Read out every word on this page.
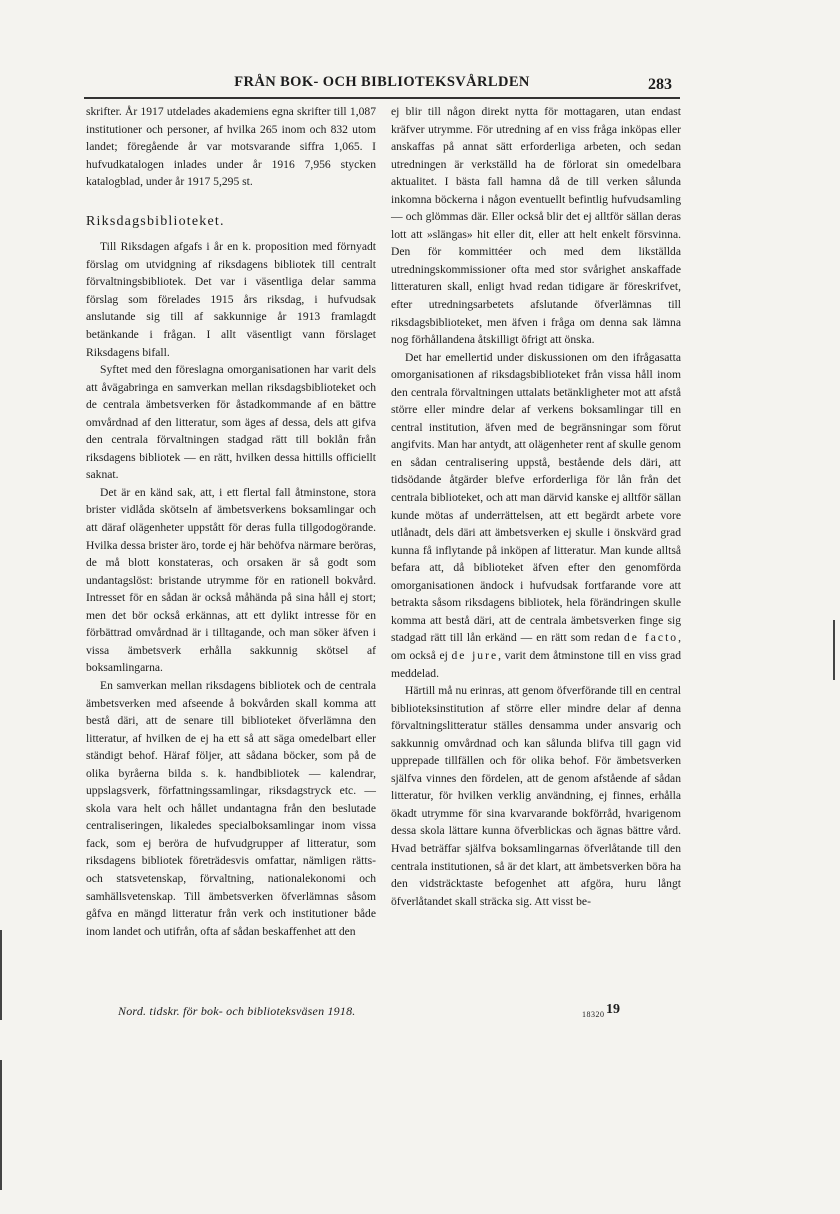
FRÅN BOK- OCH BIBLIOTEKSVÅRLDEN	283

skrifter. År 1917 utdelades akademiens egna skrifter till 1,087 institutioner och personer, af hvilka 265 inom och 832 utom landet; föregående år var motsvarande siffra 1,065. I hufvudkatalogen inlades under år 1916 7,956 stycken katalogblad, under år 1917 5,295 st.

Riksdagsbiblioteket.

Till Riksdagen afgafs i år en k. proposition med förnyadt förslag om utvidgning af riksdagens bibliotek till centralt förvaltningsbibliotek. Det var i väsentliga delar samma förslag som förelades 1915 års riksdag, i hufvudsak anslutande sig till af sakkunnige år 1913 framlagdt betänkande i frågan. I allt väsentligt vann förslaget Riksdagens bifall.

Syftet med den föreslagna omorganisationen har varit dels att åvägabringa en samverkan mellan riksdagsbiblioteket och de centrala ämbetsverken för åstadkommande af en bättre omvårdnad af den litteratur, som äges af dessa, dels att gifva den centrala förvaltningen stadgad rätt till boklån från riksdagens bibliotek — en rätt, hvilken dessa hittills officiellt saknat.

Det är en känd sak, att, i ett flertal fall åtminstone, stora brister vidlåda skötseln af ämbetsverkens boksamlingar och att däraf olägenheter uppstått för deras fulla tillgodogörande. Hvilka dessa brister äro, torde ej här behöfva närmare beröras, de må blott konstateras, och orsaken är så godt som undantagslöst: bristande utrymme för en rationell bokvård. Intresset för en sådan är också måhända på sina håll ej stort; men det bör också erkännas, att ett dylikt intresse för en förbättrad omvårdnad är i tilltagande, och man söker äfven i vissa ämbetsverk erhålla sakkunnig skötsel af boksamlingarna.

En samverkan mellan riksdagens bibliotek och de centrala ämbetsverken med afseende å bokvården skall komma att bestå däri, att de senare till biblioteket öfverlämna den litteratur, af hvilken de ej ha ett så att säga omedelbart eller ständigt behof. Häraf följer, att sådana böcker, som på de olika byråerna bilda s. k. handbibliotek — kalendrar, uppslagsverk, författningssamlingar, riksdagstryck etc. — skola vara helt och hållet undantagna från den beslutade centraliseringen, likaledes specialboksamlingar inom vissa fack, som ej beröra de hufvudgrupper af litteratur, som riksdagens bibliotek företrädesvis omfattar, nämligen rätts- och statsvetenskap, förvaltning, nationalekonomi och samhällsvetenskap. Till ämbetsverken öfverlämnas såsom gåfva en mängd litteratur från verk och institutioner både inom landet och utifrån, ofta af sådan beskaffenhet att den

ej blir till någon direkt nytta för mottagaren, utan endast kräfver utrymme. För utredning af en viss fråga inköpas eller anskaffas på annat sätt erforderliga arbeten, och sedan utredningen är verkställd ha de förlorat sin omedelbara aktualitet. I bästa fall hamna då de till verken sålunda inkomna böckerna i någon eventuellt befintlig hufvudsamling — och glömmas där. Eller också blir det ej alltför sällan deras lott att »slängas» hit eller dit, eller att helt enkelt försvinna. Den för kommittéer och med dem likställda utredningskommissioner ofta med stor svårighet anskaffade litteraturen skall, enligt hvad redan tidigare är föreskrifvet, efter utredningsarbetets afslutande öfverlämnas till riksdagsbiblioteket, men äfven i fråga om denna sak lämna nog förhållandena åtskilligt öfrigt att önska.

Det har emellertid under diskussionen om den ifrågasatta omorganisationen af riksdagsbiblioteket från vissa håll inom den centrala förvaltningen uttalats betänkligheter mot att afstå större eller mindre delar af verkens boksamlingar till en central institution, äfven med de begränsningar som förut angifvits. Man har antydt, att olägenheter rent af skulle genom en sådan centralisering uppstå, bestående dels däri, att tidsödande åtgärder blefve erforderliga för lån från det centrala biblioteket, och att man därvid kanske ej alltför sällan kunde mötas af underrättelsen, att ett begärdt arbete vore utlånadt, dels däri att ämbetsverken ej skulle i önskvärd grad kunna få inflytande på inköpen af litteratur. Man kunde alltså befara att, då biblioteket äfven efter den genomförda omorganisationen ändock i hufvudsak fortfarande vore att betrakta såsom riksdagens bibliotek, hela förändringen skulle komma att bestå däri, att de centrala ämbetsverken finge sig stadgad rätt till lån erkänd — en rätt som redan de facto, om också ej de jure, varit dem åtminstone till en viss grad meddelad.

Härtill må nu erinras, att genom öfverförande till en central biblioteksinstitution af större eller mindre delar af denna förvaltningslitteratur ställes densamma under ansvarig och sakkunnig omvårdnad och kan sålunda blifva till gagn vid upprepade tillfällen och för olika behof. För ämbetsverken själfva vinnes den fördelen, att de genom afstående af sådan litteratur, för hvilken verklig användning, ej finnes, erhålla ökadt utrymme för sina kvarvarande bokförråd, hvarigenom dessa skola lättare kunna öfverblickas och ägnas bättre vård. Hvad beträffar själfva boksamlingarnas öfverlåtande till den centrala institutionen, så är det klart, att ämbetsverken böra ha den vidsträcktaste befogenhet att afgöra, huru långt öfverlåtandet skall sträcka sig. Att visst be-

Nord. tidskr. för bok- och biblioteksväsen 1918.	18320 19
